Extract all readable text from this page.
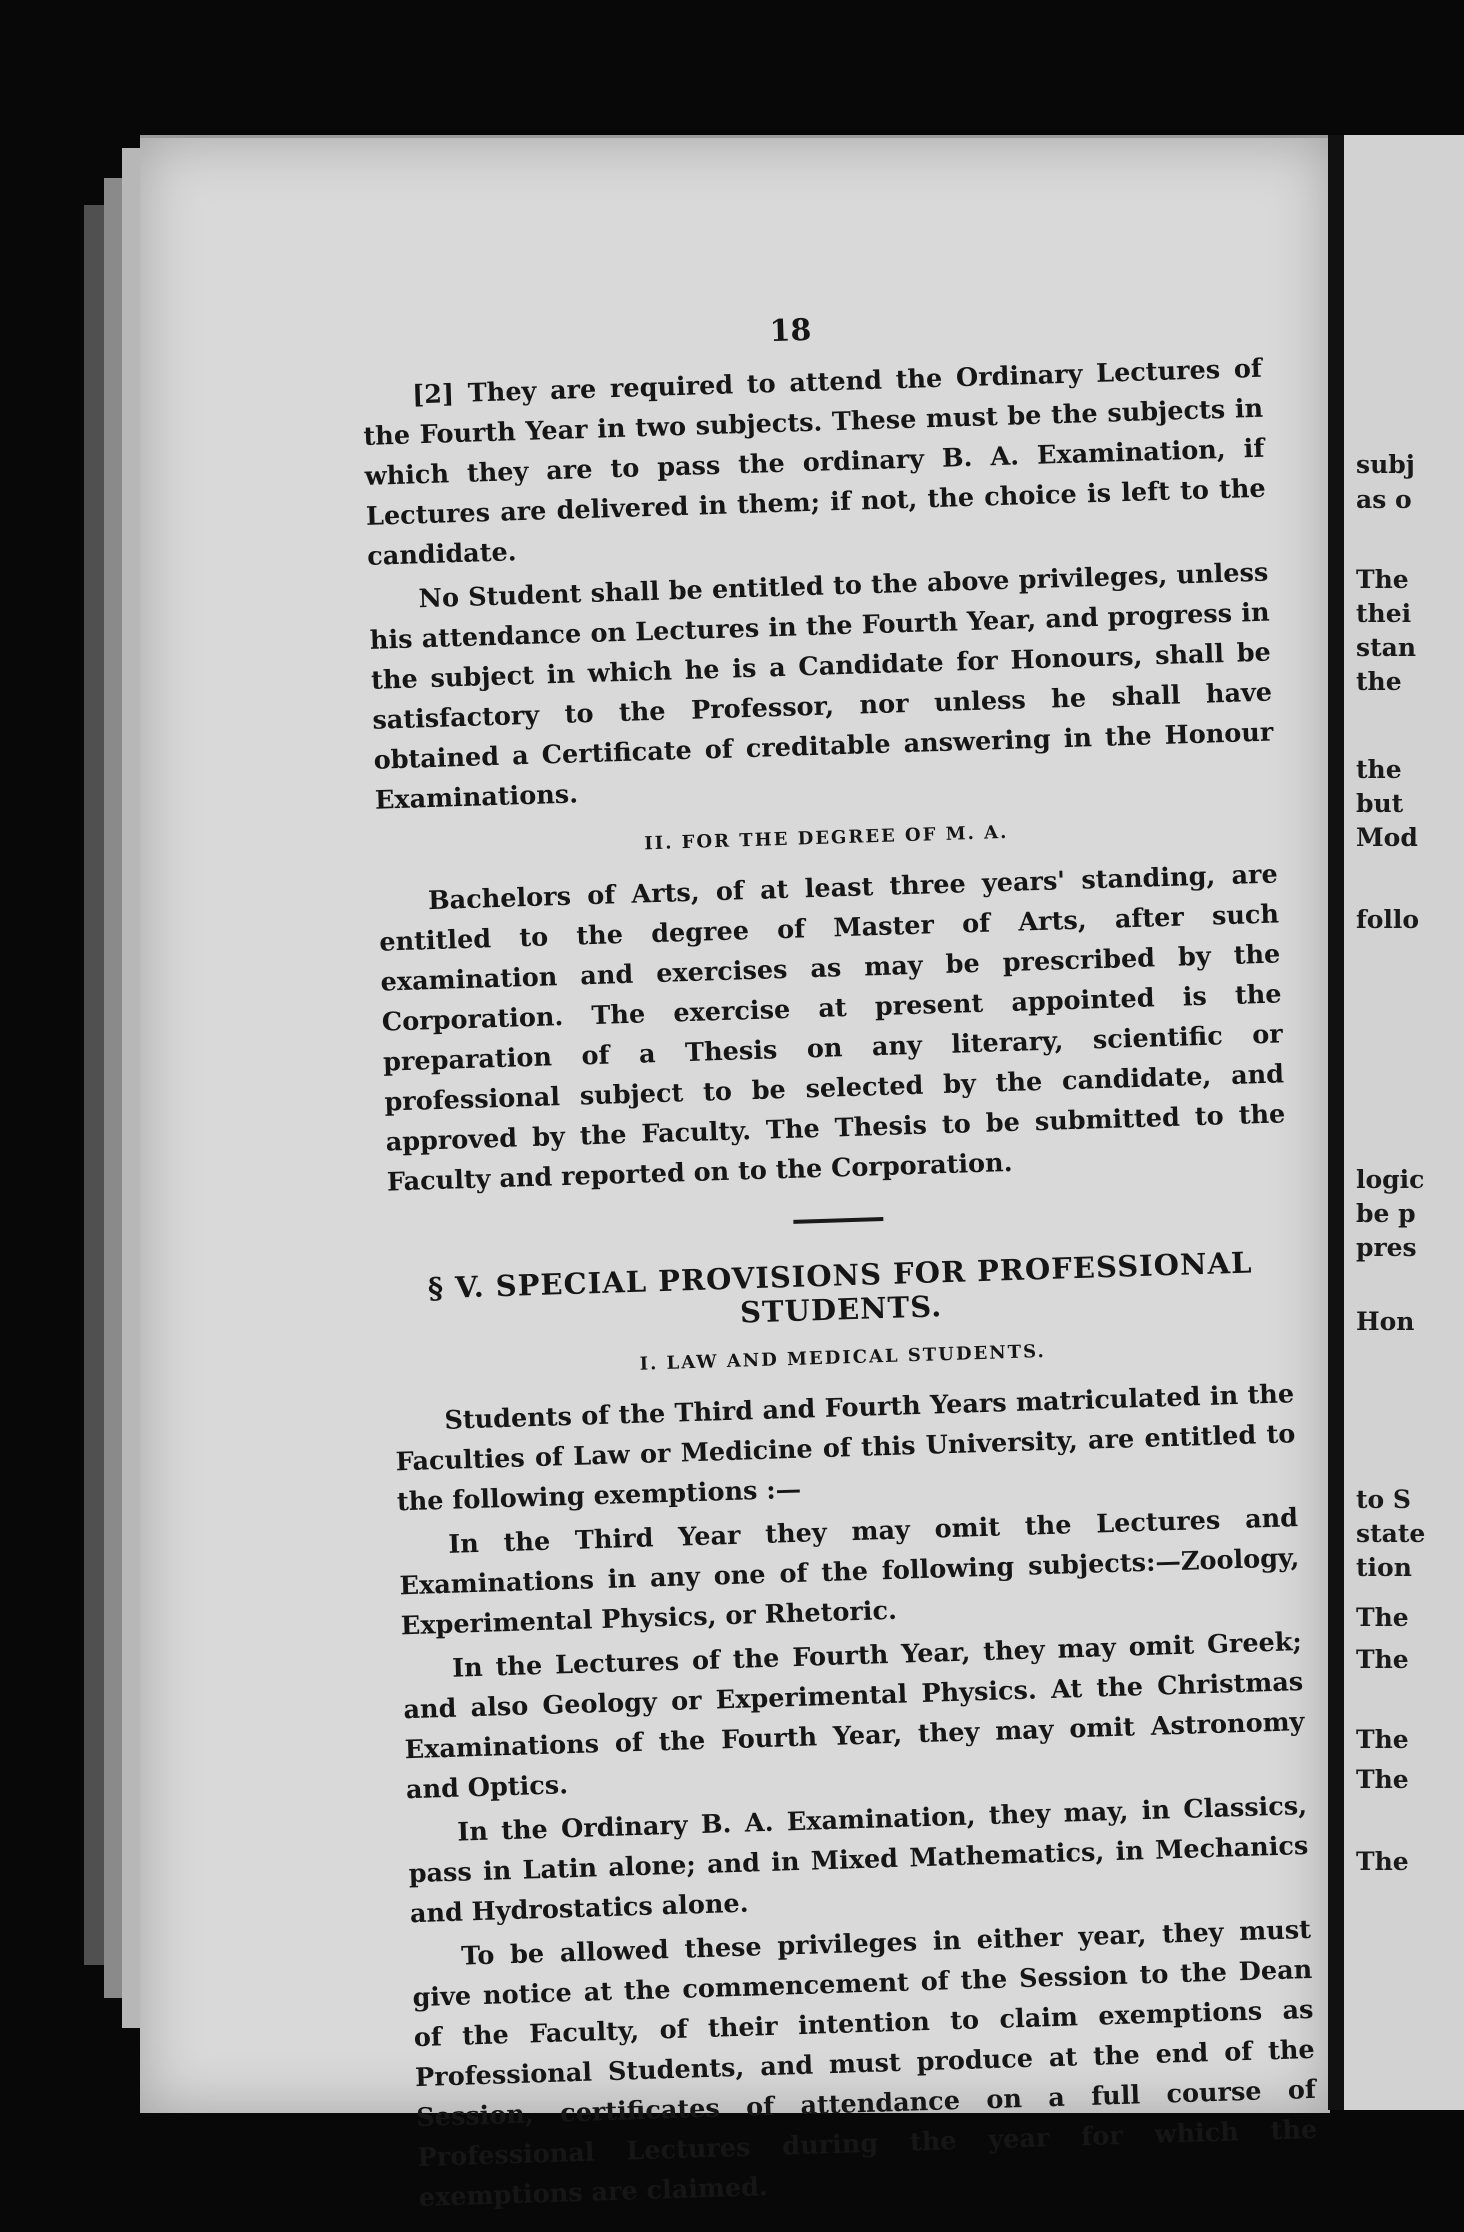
subj
as o
The
thei
stan
the
the
but
Mod
follo
logic
be p
pres
Hon
to S
state
tion
The
The
The
The
The
18

[2] They are required to attend the Ordinary Lectures of the Fourth Year in two subjects. These must be the subjects in which they are to pass the ordinary B. A. Examination, if Lectures are delivered in them; if not, the choice is left to the candidate.

No Student shall be entitled to the above privileges, unless his attendance on Lectures in the Fourth Year, and progress in the subject in which he is a Candidate for Honours, shall be satisfactory to the Professor, nor unless he shall have obtained a Certificate of creditable answering in the Honour Examinations.

II. FOR THE DEGREE OF M. A.

Bachelors of Arts, of at least three years' standing, are entitled to the degree of Master of Arts, after such examination and exercises as may be prescribed by the Corporation. The exercise at present appointed is the preparation of a Thesis on any literary, scientific or professional subject to be selected by the candidate, and approved by the Faculty. The Thesis to be submitted to the Faculty and reported on to the Corporation.

§ V. SPECIAL PROVISIONS FOR PROFESSIONAL STUDENTS.
I. LAW AND MEDICAL STUDENTS.

Students of the Third and Fourth Years matriculated in the Faculties of Law or Medicine of this University, are entitled to the following exemptions :—

In the Third Year they may omit the Lectures and Examinations in any one of the following subjects:—Zoology, Experimental Physics, or Rhetoric.

In the Lectures of the Fourth Year, they may omit Greek; and also Geology or Experimental Physics. At the Christmas Examinations of the Fourth Year, they may omit Astronomy and Optics.

In the Ordinary B. A. Examination, they may, in Classics, pass in Latin alone; and in Mixed Mathematics, in Mechanics and Hydrostatics alone.

To be allowed these privileges in either year, they must give notice at the commencement of the Session to the Dean of the Faculty, of their intention to claim exemptions as Professional Students, and must produce at the end of the Session, certificates of attendance on a full course of Professional Lectures during the year for which the exemptions are claimed.
